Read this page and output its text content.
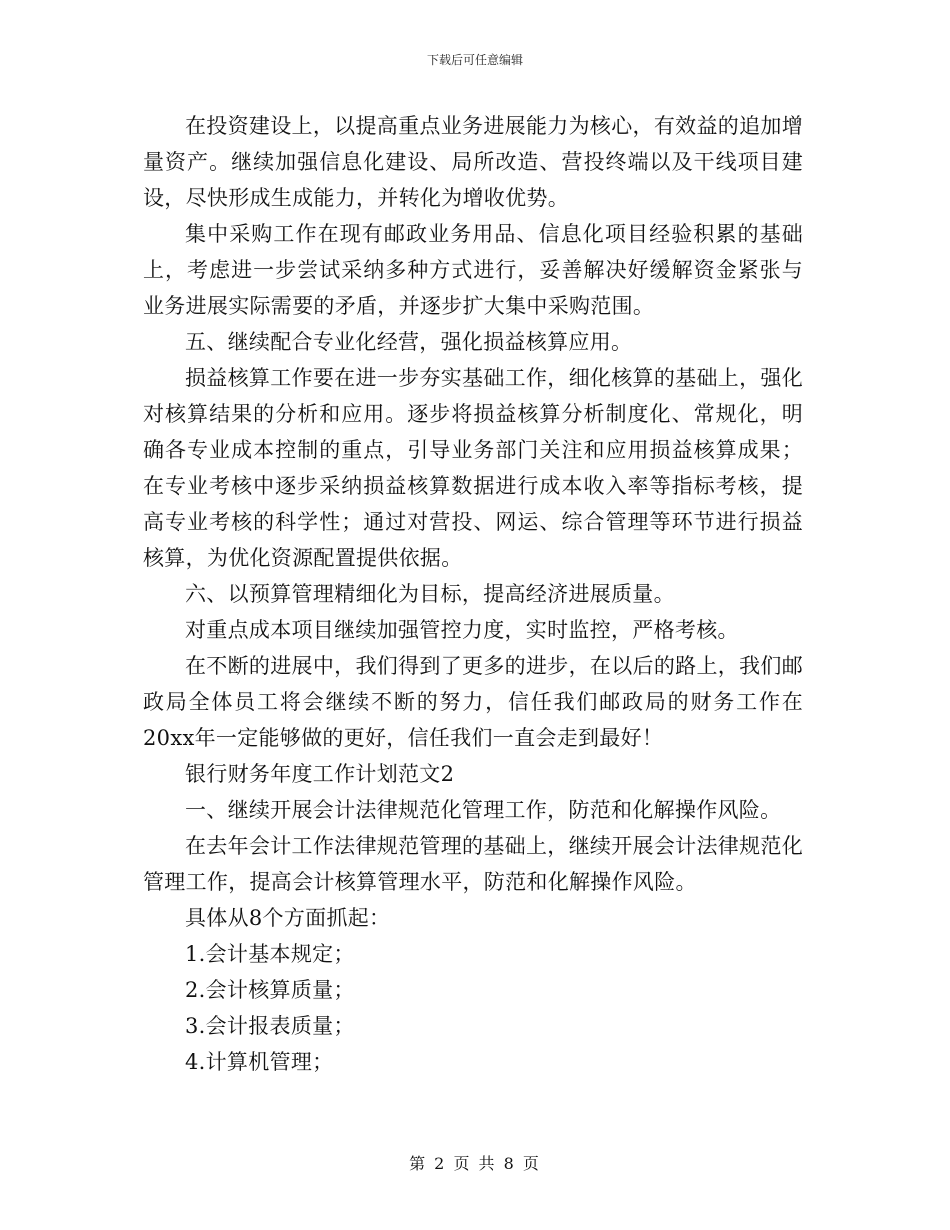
下载后可任意编辑

在投资建设上，以提高重点业务进展能力为核心，有效益的追加增量资产。继续加强信息化建设、局所改造、营投终端以及干线项目建设，尽快形成生成能力，并转化为增收优势。

集中采购工作在现有邮政业务用品、信息化项目经验积累的基础上，考虑进一步尝试采纳多种方式进行，妥善解决好缓解资金紧张与业务进展实际需要的矛盾，并逐步扩大集中采购范围。

五、继续配合专业化经营，强化损益核算应用。

损益核算工作要在进一步夯实基础工作，细化核算的基础上，强化对核算结果的分析和应用。逐步将损益核算分析制度化、常规化，明确各专业成本控制的重点，引导业务部门关注和应用损益核算成果；在专业考核中逐步采纳损益核算数据进行成本收入率等指标考核，提高专业考核的科学性；通过对营投、网运、综合管理等环节进行损益核算，为优化资源配置提供依据。

六、以预算管理精细化为目标，提高经济进展质量。

对重点成本项目继续加强管控力度，实时监控，严格考核。

在不断的进展中，我们得到了更多的进步，在以后的路上，我们邮政局全体员工将会继续不断的努力，信任我们邮政局的财务工作在20xx年一定能够做的更好，信任我们一直会走到最好！

银行财务年度工作计划范文2

一、继续开展会计法律规范化管理工作，防范和化解操作风险。

在去年会计工作法律规范管理的基础上，继续开展会计法律规范化管理工作，提高会计核算管理水平，防范和化解操作风险。

具体从8个方面抓起：

1.会计基本规定；

2.会计核算质量；

3.会计报表质量；

4.计算机管理；

第 2 页 共 8 页
